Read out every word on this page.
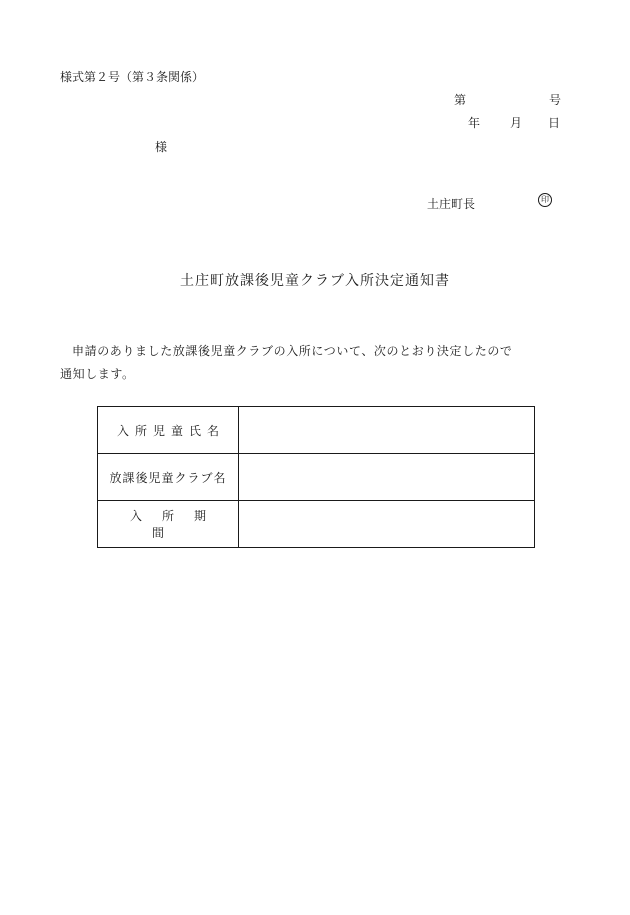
様式第２号（第３条関係）
第	号
年 月 日
様
土庄町長	印
土庄町放課後児童クラブ入所決定通知書
申請のありました放課後児童クラブの入所について、次のとおり決定したので
通知します。
入所児童氏名	
放課後児童クラブ名	
入所期間	
